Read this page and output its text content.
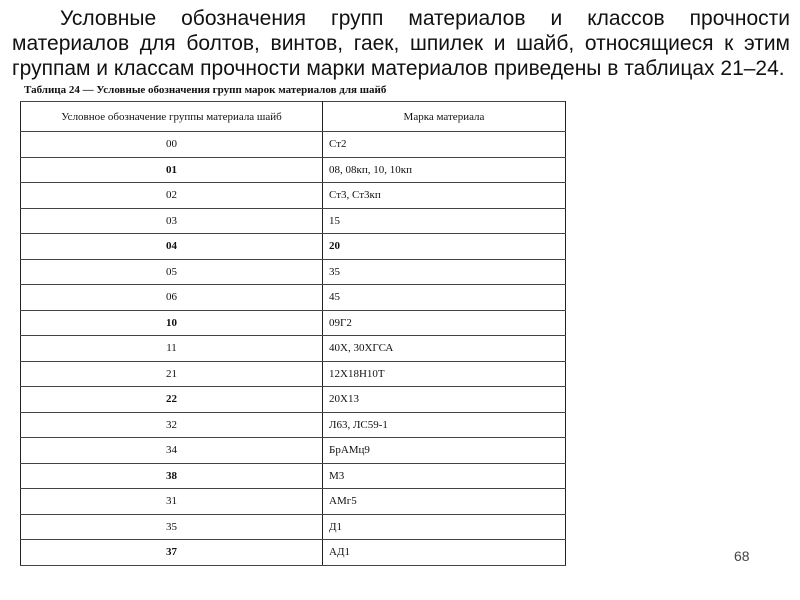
Условные обозначения групп материалов и классов прочности материалов для болтов, винтов, гаек, шпилек и шайб, относящиеся к этим группам и классам прочности марки материалов приведены в таблицах 21–24.

Таблица 24 — Условные обозначения групп марок материалов для шайб
Условное обозначение группы материала шайб	Марка материала
00	Ст2
01	08, 08кп, 10, 10кп
02	Ст3, Ст3кп
03	15
04	20
05	35
06	45
10	09Г2
11	40Х, 30ХГСА
21	12Х18Н10Т
22	20Х13
32	Л63, ЛС59-1
34	БрАМц9
38	М3
31	АМг5
35	Д1
37	АД1	68
